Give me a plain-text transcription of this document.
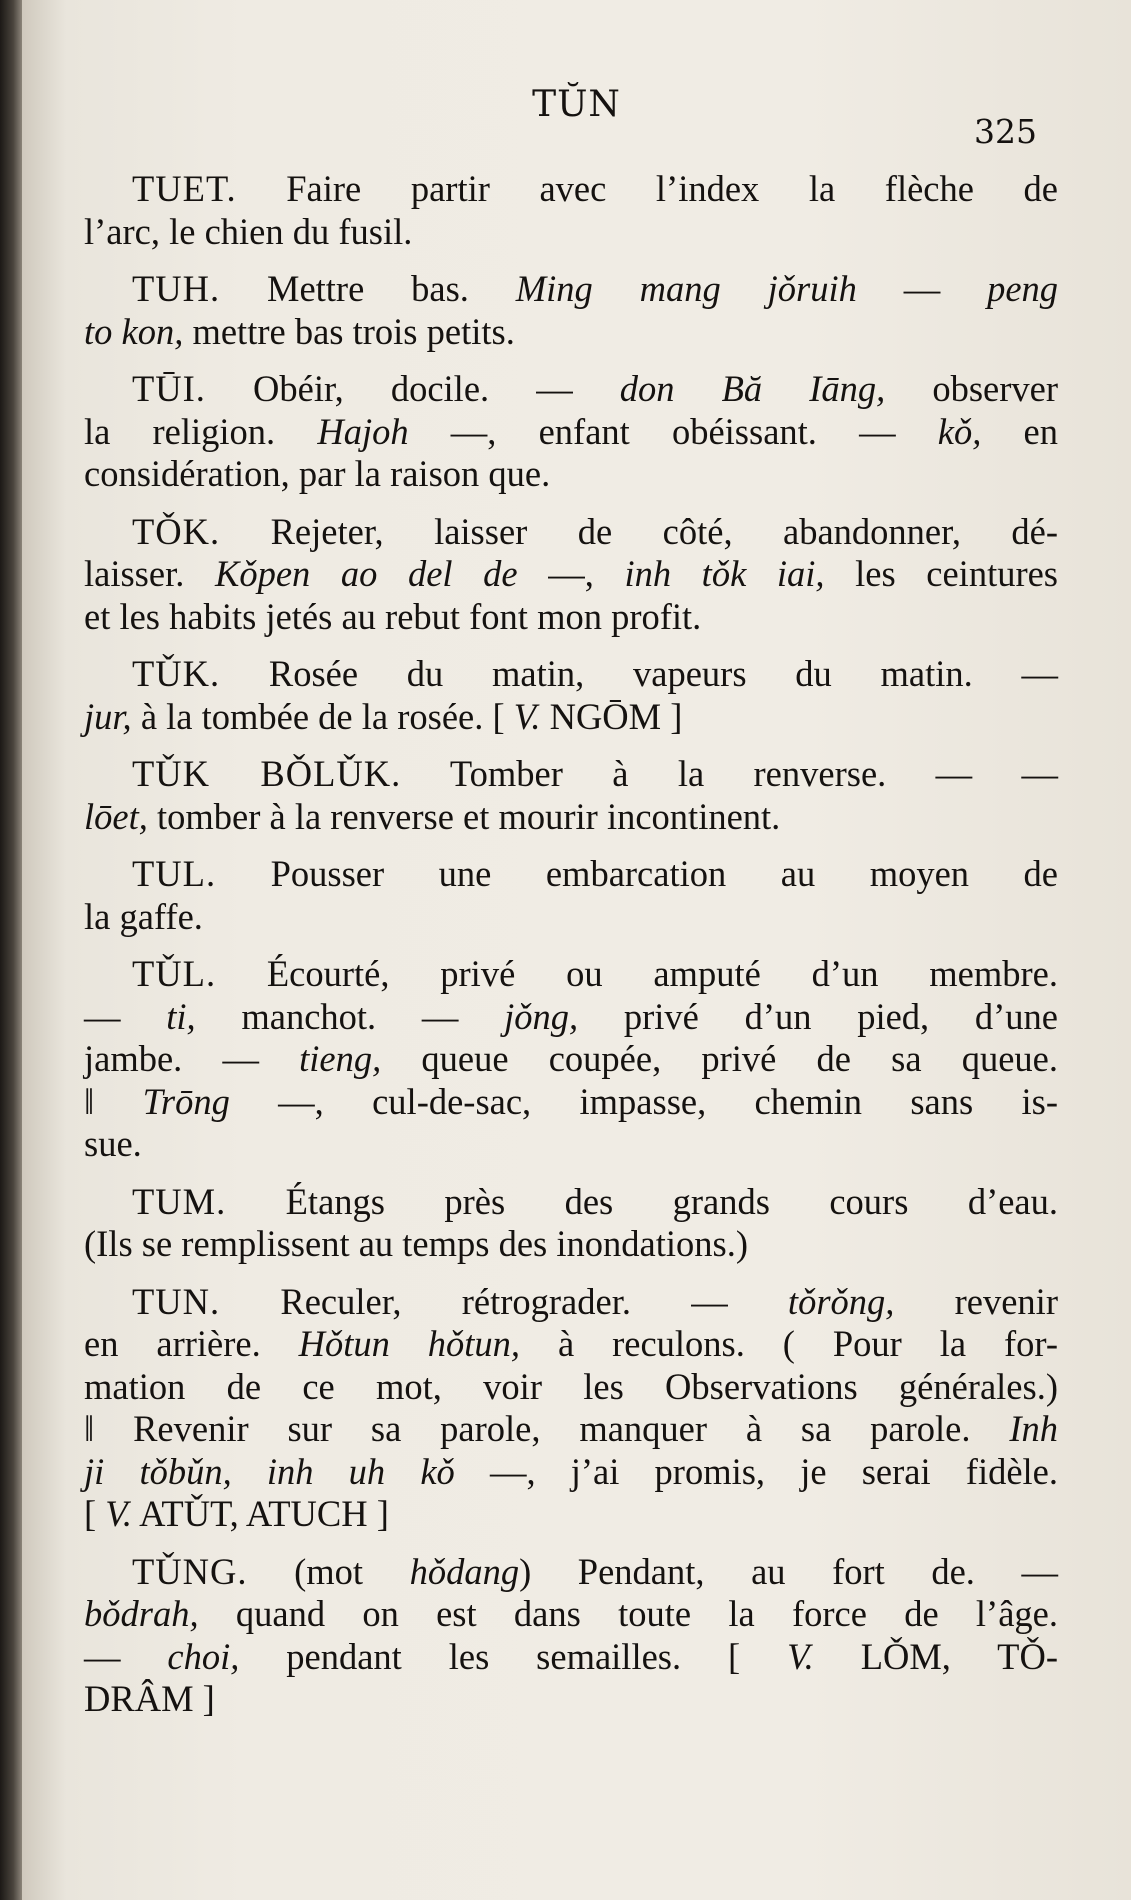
TŬN
325
TUET. Faire partir avec l’index la flèche de
l’arc, le chien du fusil.
TUH. Mettre bas. Ming mang jǒruih — peng
to kon, mettre bas trois petits.
TŪI. Obéir, docile. — don Bă Iāng, observer
la religion. Hajoh —, enfant obéissant. — kǒ, en
considération, par la raison que.
TǑK. Rejeter, laisser de côté, abandonner, dé-
laisser. Kǒpen ao del de —, inh tǒk iai, les ceintures
et les habits jetés au rebut font mon profit.
TǓK. Rosée du matin, vapeurs du matin. —
jur, à la tombée de la rosée. [ V. NGŌM ]
TǓK BǑLǓK. Tomber à la renverse. — —
lōet, tomber à la renverse et mourir incontinent.
TUL. Pousser une embarcation au moyen de
la gaffe.
TǓL. Écourté, privé ou amputé d’un membre.
— ti, manchot. — jǒng, privé d’un pied, d’une
jambe. — tieng, queue coupée, privé de sa queue.
‖ Trōng —, cul-de-sac, impasse, chemin sans is-
sue.
TUM. Étangs près des grands cours d’eau.
(Ils se remplissent au temps des inondations.)
TUN. Reculer, rétrograder. — tǒrǒng, revenir
en arrière. Hǒtun hǒtun, à reculons. ( Pour la for-
mation de ce mot, voir les Observations générales.)
‖ Revenir sur sa parole, manquer à sa parole. Inh
ji tǒbǔn, inh uh kǒ —, j’ai promis, je serai fidèle.
[ V. ATǓT, ATUCH ]
TǓNG. (mot hǒdang) Pendant, au fort de. —
bǒdrah, quand on est dans toute la force de l’âge.
— choi, pendant les semailles. [ V. LǑM, TǑ-
DRÂM ]
